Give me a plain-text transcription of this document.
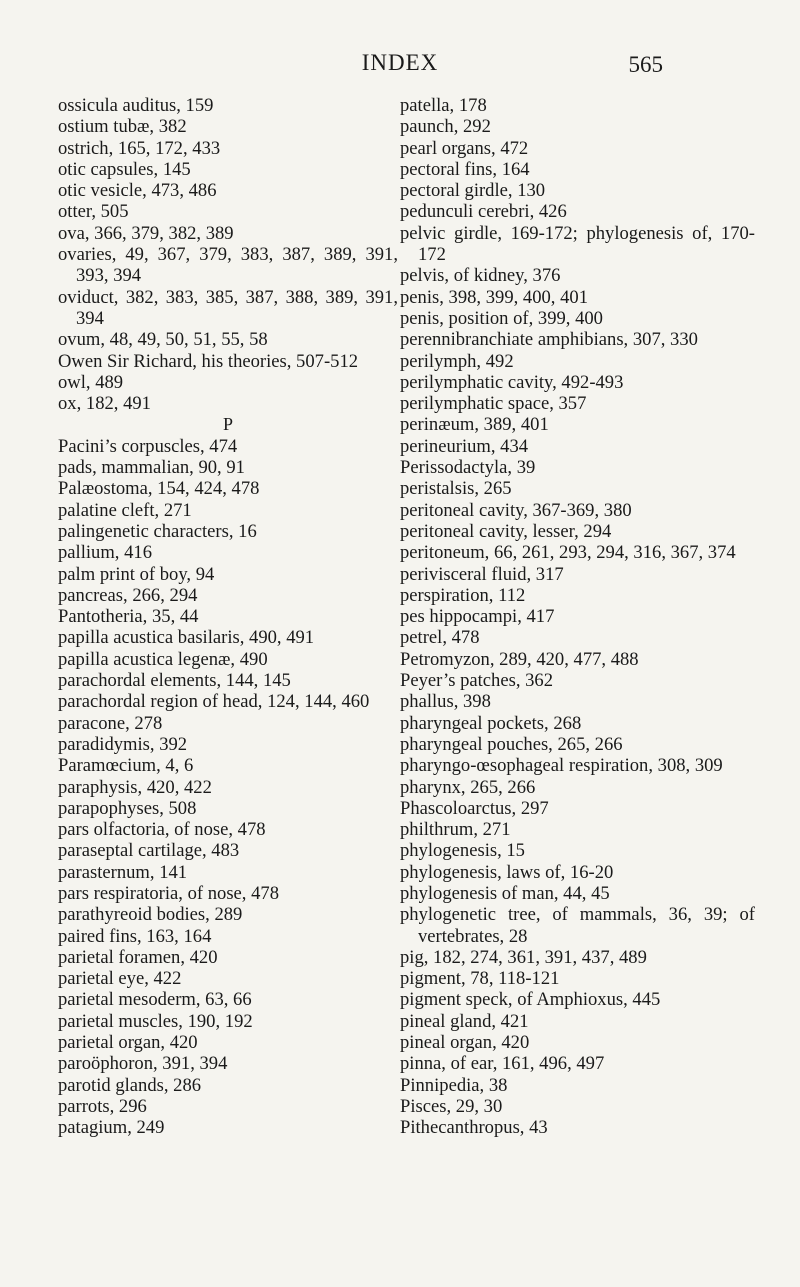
INDEX	565
ossicula auditus, 159
ostium tubæ, 382
ostrich, 165, 172, 433
otic capsules, 145
otic vesicle, 473, 486
otter, 505
ova, 366, 379, 382, 389
ovaries, 49, 367, 379, 383, 387, 389, 391, 393, 394
oviduct, 382, 383, 385, 387, 388, 389, 391, 394
ovum, 48, 49, 50, 51, 55, 58
Owen Sir Richard, his theories, 507-512
owl, 489
ox, 182, 491
P
Pacini’s corpuscles, 474
pads, mammalian, 90, 91
Palæostoma, 154, 424, 478
palatine cleft, 271
palingenetic characters, 16
pallium, 416
palm print of boy, 94
pancreas, 266, 294
Pantotheria, 35, 44
papilla acustica basilaris, 490, 491
papilla acustica legenæ, 490
parachordal elements, 144, 145
parachordal region of head, 124, 144, 460
paracone, 278
paradidymis, 392
Paramœcium, 4, 6
paraphysis, 420, 422
parapophyses, 508
pars olfactoria, of nose, 478
paraseptal cartilage, 483
parasternum, 141
pars respiratoria, of nose, 478
parathyreoid bodies, 289
paired fins, 163, 164
parietal foramen, 420
parietal eye, 422
parietal mesoderm, 63, 66
parietal muscles, 190, 192
parietal organ, 420
paroöphoron, 391, 394
parotid glands, 286
parrots, 296
patagium, 249
patella, 178
paunch, 292
pearl organs, 472
pectoral fins, 164
pectoral girdle, 130
pedunculi cerebri, 426
pelvic girdle, 169-172; phylogenesis of, 170-172
pelvis, of kidney, 376
penis, 398, 399, 400, 401
penis, position of, 399, 400
perennibranchiate amphibians, 307, 330
perilymph, 492
perilymphatic cavity, 492-493
perilymphatic space, 357
perinæum, 389, 401
perineurium, 434
Perissodactyla, 39
peristalsis, 265
peritoneal cavity, 367-369, 380
peritoneal cavity, lesser, 294
peritoneum, 66, 261, 293, 294, 316, 367, 374
perivisceral fluid, 317
perspiration, 112
pes hippocampi, 417
petrel, 478
Petromyzon, 289, 420, 477, 488
Peyer’s patches, 362
phallus, 398
pharyngeal pockets, 268
pharyngeal pouches, 265, 266
pharyngo-œsophageal respiration, 308, 309
pharynx, 265, 266
Phascoloarctus, 297
philthrum, 271
phylogenesis, 15
phylogenesis, laws of, 16-20
phylogenesis of man, 44, 45
phylogenetic tree, of mammals, 36, 39; of vertebrates, 28
pig, 182, 274, 361, 391, 437, 489
pigment, 78, 118-121
pigment speck, of Amphioxus, 445
pineal gland, 421
pineal organ, 420
pinna, of ear, 161, 496, 497
Pinnipedia, 38
Pisces, 29, 30
Pithecanthropus, 43
